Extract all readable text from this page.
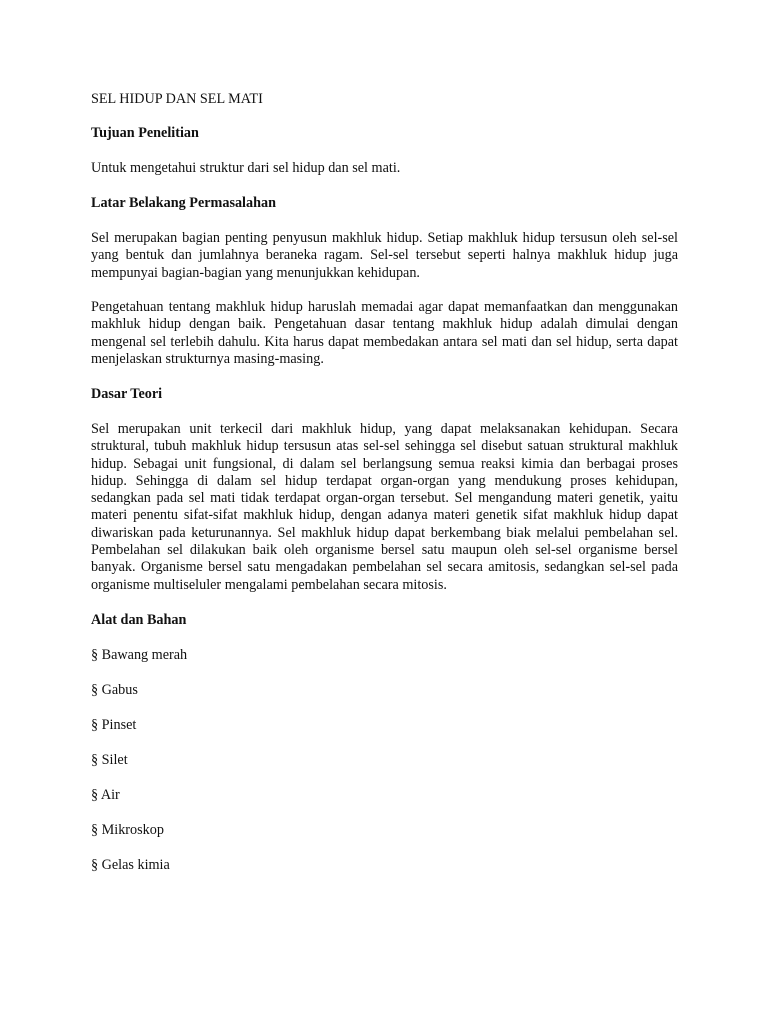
SEL HIDUP DAN SEL MATI
Tujuan Penelitian
Untuk mengetahui struktur dari sel hidup dan sel mati.
Latar Belakang Permasalahan

Sel merupakan bagian penting penyusun makhluk hidup. Setiap makhluk hidup tersusun oleh sel-sel yang bentuk dan jumlahnya beraneka ragam. Sel-sel tersebut seperti halnya makhluk hidup juga mempunyai bagian-bagian yang menunjukkan kehidupan.

Pengetahuan tentang makhluk hidup haruslah memadai agar dapat memanfaatkan dan menggunakan makhluk hidup dengan baik. Pengetahuan dasar tentang makhluk hidup adalah dimulai dengan mengenal sel terlebih dahulu. Kita harus dapat membedakan antara sel mati dan sel hidup, serta dapat menjelaskan strukturnya masing-masing.

Dasar Teori

Sel merupakan unit terkecil dari makhluk hidup, yang dapat melaksanakan kehidupan. Secara struktural, tubuh makhluk hidup tersusun atas sel-sel sehingga sel disebut satuan struktural makhluk hidup. Sebagai unit fungsional, di dalam sel berlangsung semua reaksi kimia dan berbagai proses hidup. Sehingga di dalam sel hidup terdapat organ-organ yang mendukung proses kehidupan, sedangkan pada sel mati tidak terdapat organ-organ tersebut. Sel mengandung materi genetik, yaitu materi penentu sifat-sifat makhluk hidup, dengan adanya materi genetik sifat makhluk hidup dapat diwariskan pada keturunannya. Sel makhluk hidup dapat berkembang biak melalui pembelahan sel. Pembelahan sel dilakukan baik oleh organisme bersel satu maupun oleh sel-sel organisme bersel banyak. Organisme bersel satu mengadakan pembelahan sel secara amitosis, sedangkan sel-sel pada organisme multiseluler mengalami pembelahan secara mitosis.

Alat dan Bahan
§ Bawang merah
§ Gabus
§ Pinset
§ Silet
§ Air
§ Mikroskop
§ Gelas kimia
